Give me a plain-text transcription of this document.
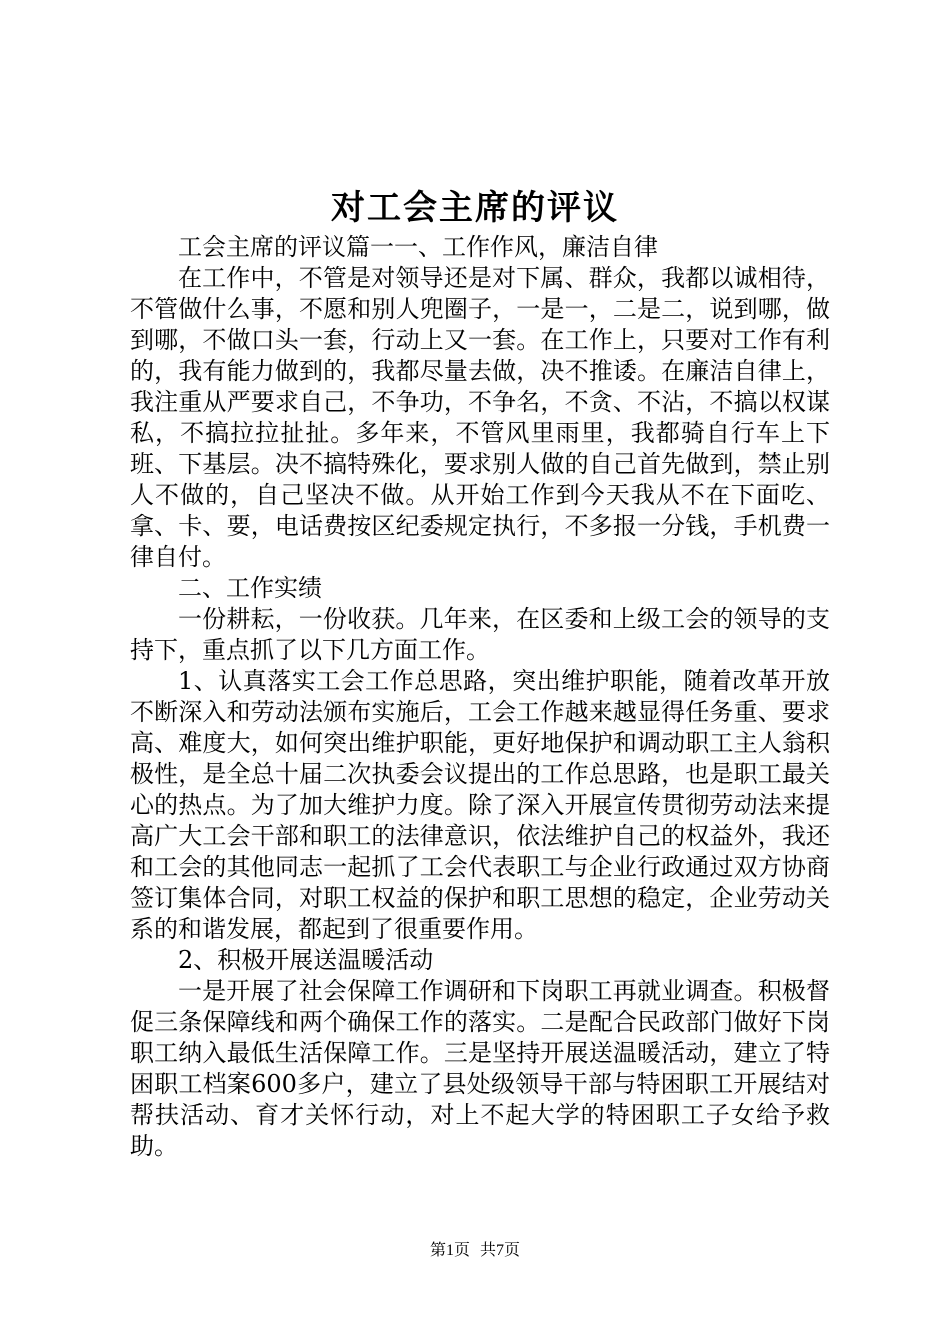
对工会主席的评议

工会主席的评议篇一一、工作作风，廉洁自律

在工作中，不管是对领导还是对下属、群众，我都以诚相待，不管做什么事，不愿和别人兜圈子，一是一，二是二，说到哪，做到哪，不做口头一套，行动上又一套。在工作上，只要对工作有利的，我有能力做到的，我都尽量去做，决不推诿。在廉洁自律上，我注重从严要求自己，不争功，不争名，不贪、不沾，不搞以权谋私，不搞拉拉扯扯。多年来，不管风里雨里，我都骑自行车上下班、下基层。决不搞特殊化，要求别人做的自己首先做到，禁止别人不做的，自己坚决不做。从开始工作到今天我从不在下面吃、拿、卡、要，电话费按区纪委规定执行，不多报一分钱，手机费一律自付。

二、工作实绩

一份耕耘，一份收获。几年来，在区委和上级工会的领导的支持下，重点抓了以下几方面工作。

1、认真落实工会工作总思路，突出维护职能，随着改革开放不断深入和劳动法颁布实施后，工会工作越来越显得任务重、要求高、难度大，如何突出维护职能，更好地保护和调动职工主人翁积极性，是全总十届二次执委会议提出的工作总思路，也是职工最关心的热点。为了加大维护力度。除了深入开展宣传贯彻劳动法来提高广大工会干部和职工的法律意识，依法维护自己的权益外，我还和工会的其他同志一起抓了工会代表职工与企业行政通过双方协商签订集体合同，对职工权益的保护和职工思想的稳定，企业劳动关系的和谐发展，都起到了很重要作用。

2、积极开展送温暖活动

一是开展了社会保障工作调研和下岗职工再就业调查。积极督促三条保障线和两个确保工作的落实。二是配合民政部门做好下岗职工纳入最低生活保障工作。三是坚持开展送温暖活动，建立了特困职工档案600多户，建立了县处级领导干部与特困职工开展结对帮扶活动、育才关怀行动，对上不起大学的特困职工子女给予救助。

第1页 共7页
